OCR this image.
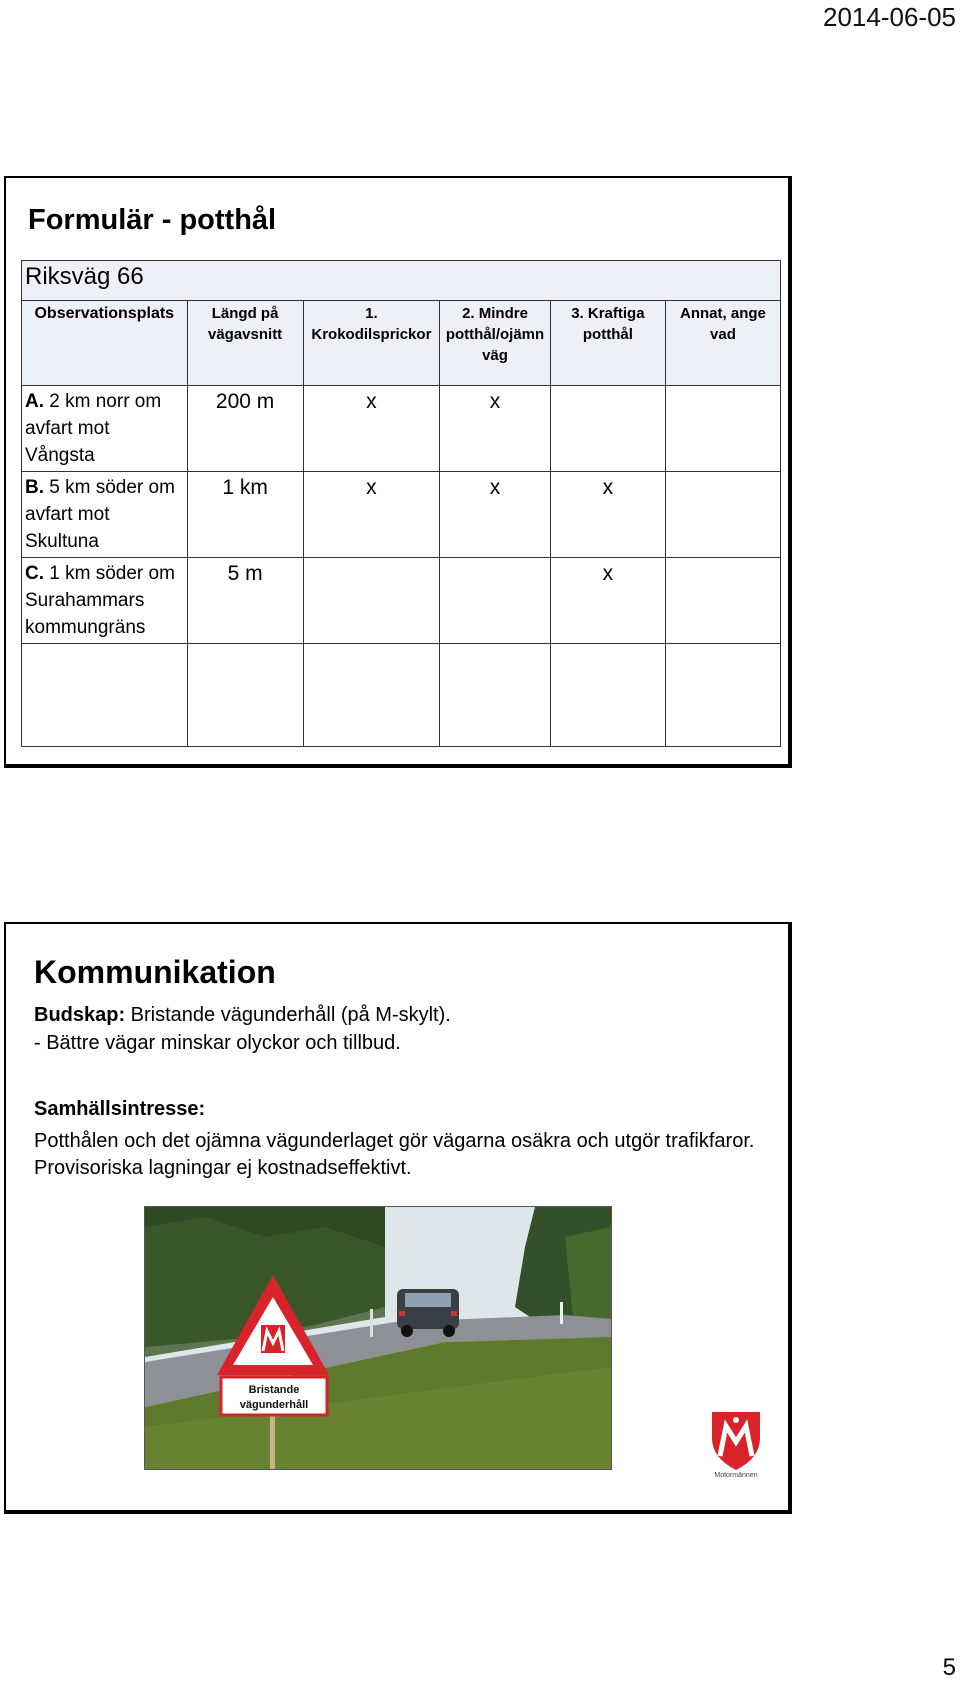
2014-06-05
Formulär - potthål
Riksväg 66					
Observationsplats	Längd på vägavsnitt	1. Krokodilsprickor	2. Mindre potthål/ojämn väg	3. Kraftiga potthål	Annat, ange vad
A. 2 km norr om avfart mot Vångsta	200 m	x	x		
B. 5 km söder om avfart mot Skultuna	1 km	x	x	x	
C. 1 km söder om Surahammars kommungräns	5 m			x	

Kommunikation
Budskap: Bristande vägunderhåll (på M-skylt).
- Bättre vägar minskar olyckor och tillbud.
Samhällsintresse:
Potthålen och det ojämna vägunderlaget gör vägarna osäkra och utgör trafikfaror. Provisoriska lagningar ej kostnadseffektivt.
Bristande
vägunderhåll
Motormännen
5
